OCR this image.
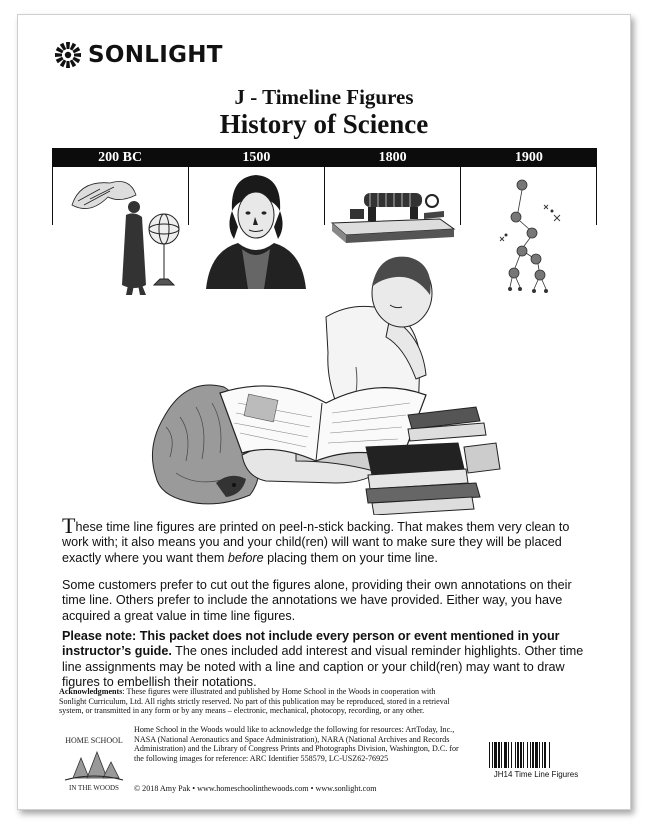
SONLIGHT
J - Timeline Figures
History of Science
200 BC	1500	1800	1900
These time line figures are printed on peel-n-stick backing. That makes them very clean to work with; it also means you and your child(ren) will want to make sure they will be placed exactly where you want them before placing them on your time line.
Some customers prefer to cut out the figures alone, providing their own annotations on their time line. Others prefer to include the annotations we have provided. Either way, you have acquired a great value in time line figures.
Please note: This packet does not include every person or event mentioned in your instructor’s guide. The ones included add interest and visual reminder highlights. Other time line assignments may be noted with a line and caption or your child(ren) may want to draw figures to embellish their notations.
Acknowledgments: These figures were illustrated and published by Home School in the Woods in cooperation with Sonlight Curriculum, Ltd. All rights strictly reserved. No part of this publication may be reproduced, stored in a retrieval system, or transmitted in any form or by any means – electronic, mechanical, photocopy, recording, or any other.
HOME SCHOOL
IN THE WOODS
Home School in the Woods would like to acknowledge the following for resources: ArtToday, Inc., NASA (National Aeronautics and Space Administration), NARA (National Archives and Records Administration) and the Library of Congress Prints and Photographs Division, Washington, D.C. for the following images for reference: ARC Identifier 558579, LC-USZ62-76925
© 2018 Amy Pak • www.homeschoolinthewoods.com • www.sonlight.com
JH14 Time Line Figures
